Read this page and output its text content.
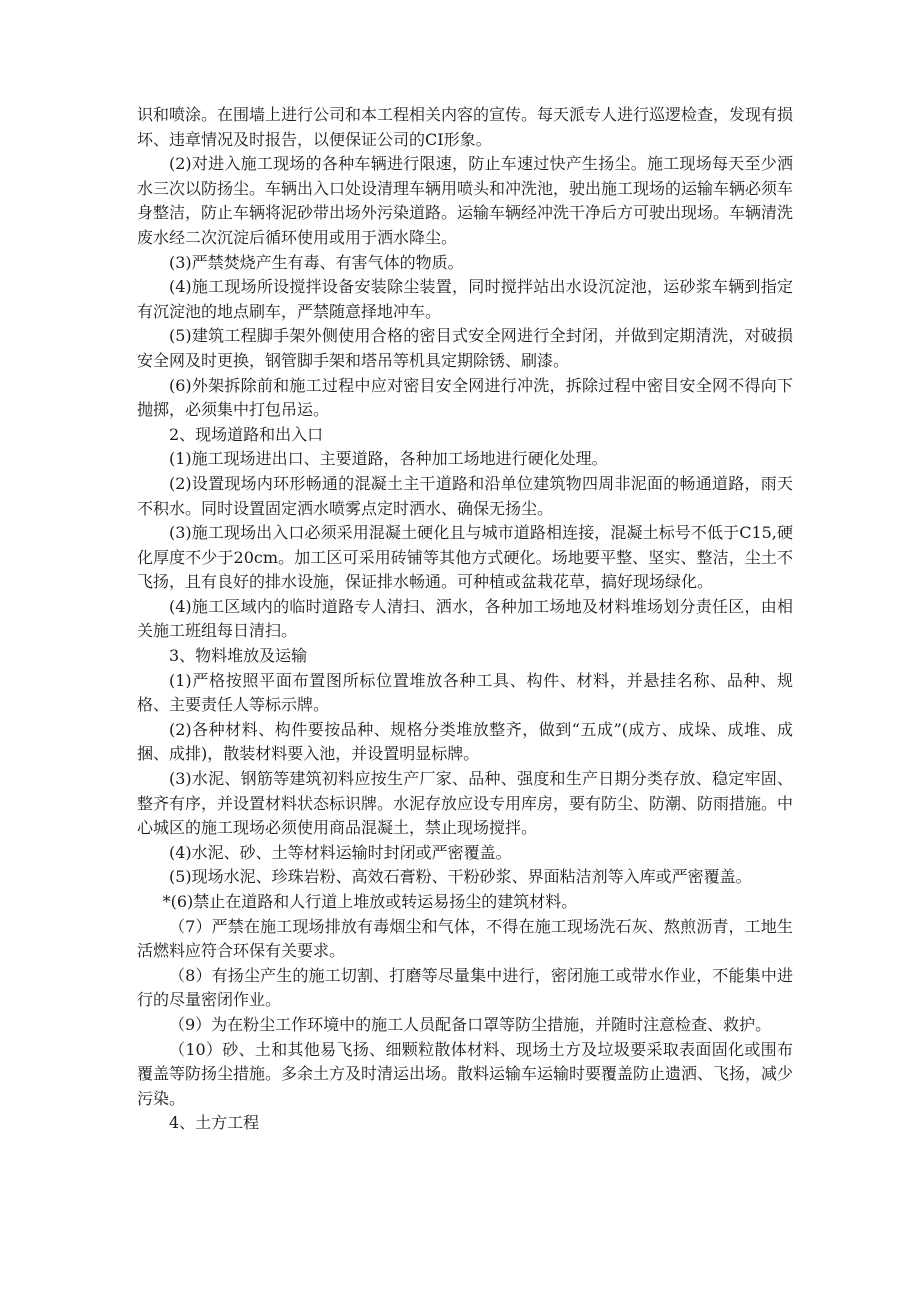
识和喷涂。在围墙上进行公司和本工程相关内容的宣传。每天派专人进行巡逻检查，发现有损坏、违章情况及时报告，以便保证公司的CI形象。

(2)对进入施工现场的各种车辆进行限速，防止车速过快产生扬尘。施工现场每天至少洒水三次以防扬尘。车辆出入口处设清理车辆用喷头和冲洗池，驶出施工现场的运输车辆必须车身整洁，防止车辆将泥砂带出场外污染道路。运输车辆经冲洗干净后方可驶出现场。车辆清洗废水经二次沉淀后循环使用或用于洒水降尘。

(3)严禁焚烧产生有毒、有害气体的物质。

(4)施工现场所设搅拌设备安装除尘装置，同时搅拌站出水设沉淀池，运砂浆车辆到指定有沉淀池的地点刷车，严禁随意择地冲车。

(5)建筑工程脚手架外侧使用合格的密目式安全网进行全封闭，并做到定期清洗，对破损安全网及时更换，钢管脚手架和塔吊等机具定期除锈、刷漆。

(6)外架拆除前和施工过程中应对密目安全网进行冲洗，拆除过程中密目安全网不得向下抛掷，必须集中打包吊运。

2、现场道路和出入口

(1)施工现场进出口、主要道路，各种加工场地进行硬化处理。

(2)设置现场内环形畅通的混凝土主干道路和沿单位建筑物四周非泥面的畅通道路，雨天不积水。同时设置固定洒水喷雾点定时洒水、确保无扬尘。

(3)施工现场出入口必须采用混凝土硬化且与城市道路相连接，混凝土标号不低于C15,硬化厚度不少于20cm。加工区可采用砖铺等其他方式硬化。场地要平整、坚实、整洁，尘土不飞扬，且有良好的排水设施，保证排水畅通。可种植或盆栽花草，搞好现场绿化。

(4)施工区域内的临时道路专人清扫、洒水，各种加工场地及材料堆场划分责任区，由相关施工班组每日清扫。

3、物料堆放及运输

(1)严格按照平面布置图所标位置堆放各种工具、构件、材料，并悬挂名称、品种、规格、主要责任人等标示牌。

(2)各种材料、构件要按品种、规格分类堆放整齐，做到“五成”(成方、成垛、成堆、成捆、成排)，散装材料要入池，并设置明显标牌。

(3)水泥、钢筋等建筑初料应按生产厂家、品种、强度和生产日期分类存放、稳定牢固、整齐有序，并设置材料状态标识牌。水泥存放应设专用库房，要有防尘、防潮、防雨措施。中心城区的施工现场必须使用商品混凝土，禁止现场搅拌。

(4)水泥、砂、土等材料运输时封闭或严密覆盖。

(5)现场水泥、珍珠岩粉、高效石膏粉、干粉砂浆、界面粘洁剂等入库或严密覆盖。

*(6)禁止在道路和人行道上堆放或转运易扬尘的建筑材料。

（7）严禁在施工现场排放有毒烟尘和气体，不得在施工现场洗石灰、熬煎沥青，工地生活燃料应符合环保有关要求。

（8）有扬尘产生的施工切割、打磨等尽量集中进行，密闭施工或带水作业，不能集中进行的尽量密闭作业。

（9）为在粉尘工作环境中的施工人员配备口罩等防尘措施，并随时注意检查、救护。

（10）砂、土和其他易飞扬、细颗粒散体材料、现场土方及垃圾要采取表面固化或围布覆盖等防扬尘措施。多余土方及时清运出场。散料运输车运输时要覆盖防止遗洒、飞扬，减少污染。

4、土方工程
